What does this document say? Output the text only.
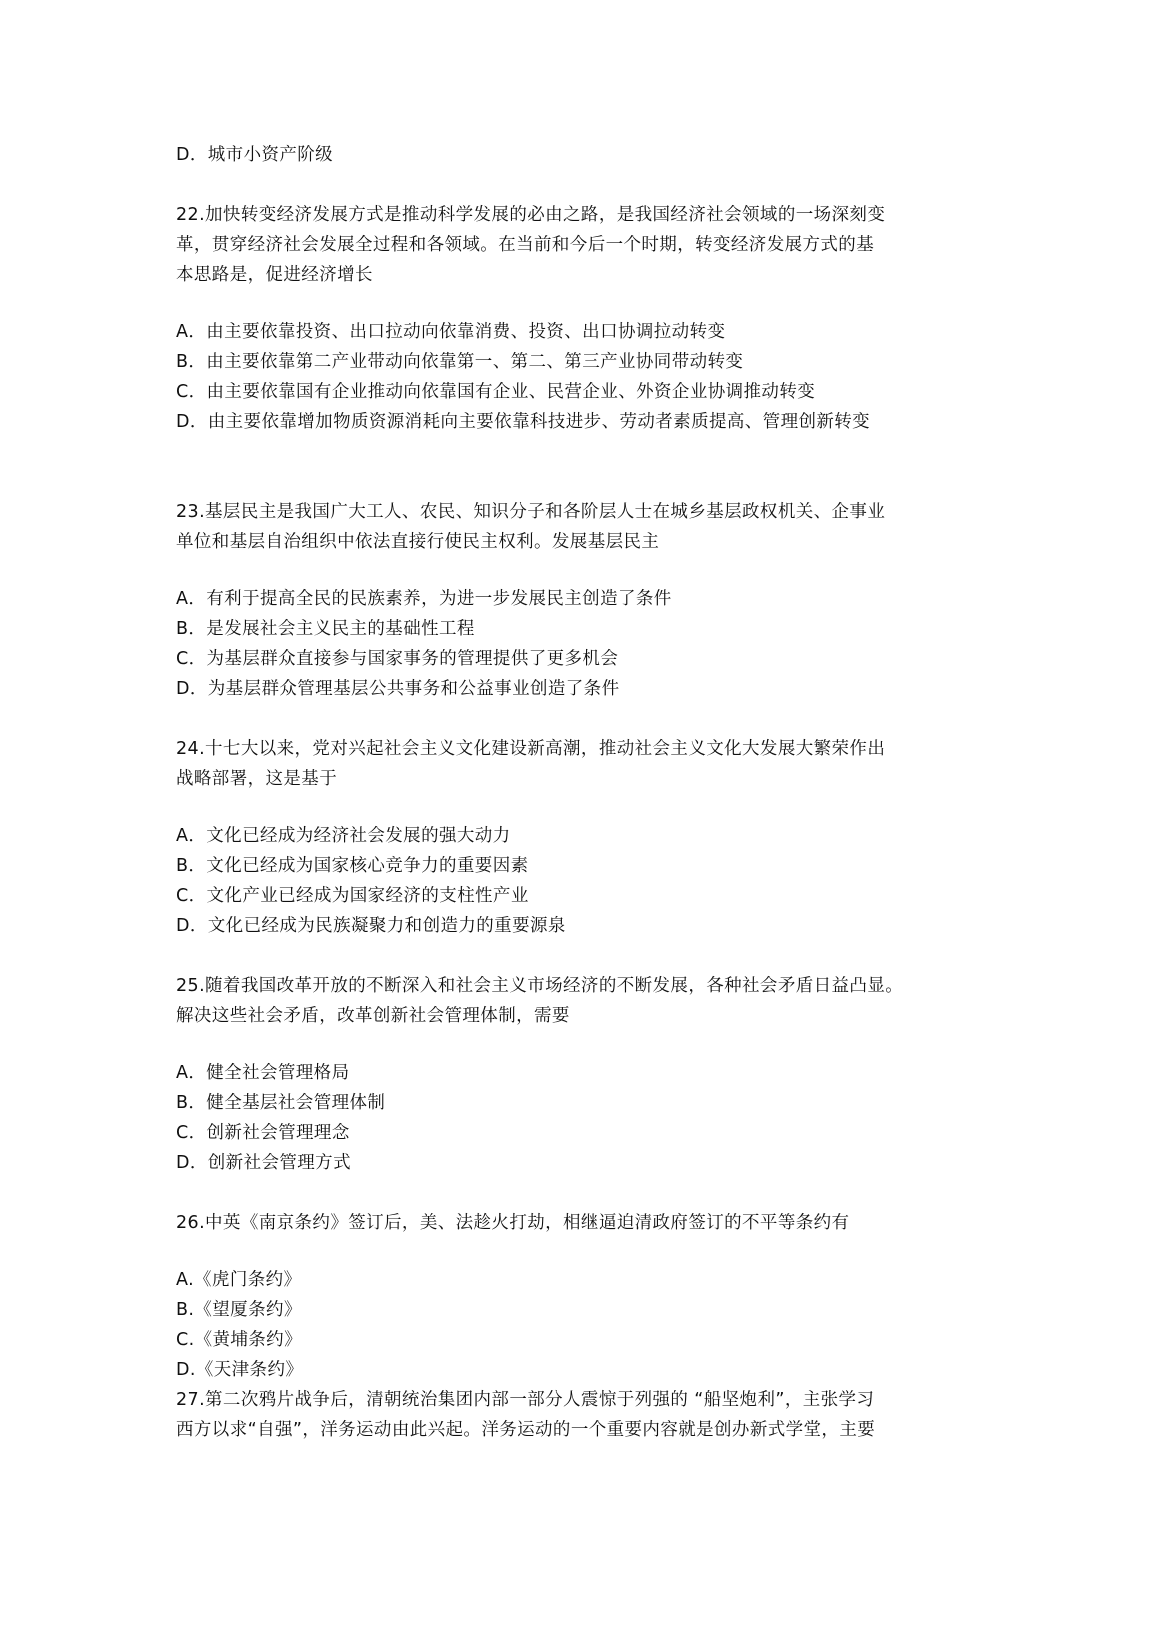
D．城市小资产阶级
22.加快转变经济发展方式是推动科学发展的必由之路，是我国经济社会领域的一场深刻变
革，贯穿经济社会发展全过程和各领域。在当前和今后一个时期，转变经济发展方式的基
本思路是，促进经济增长
A．由主要依靠投资、出口拉动向依靠消费、投资、出口协调拉动转变
B．由主要依靠第二产业带动向依靠第一、第二、第三产业协同带动转变
C．由主要依靠国有企业推动向依靠国有企业、民营企业、外资企业协调推动转变
D．由主要依靠增加物质资源消耗向主要依靠科技进步、劳动者素质提高、管理创新转变
23.基层民主是我国广大工人、农民、知识分子和各阶层人士在城乡基层政权机关、企事业
单位和基层自治组织中依法直接行使民主权利。发展基层民主
A．有利于提高全民的民族素养，为进一步发展民主创造了条件
B．是发展社会主义民主的基础性工程
C．为基层群众直接参与国家事务的管理提供了更多机会
D．为基层群众管理基层公共事务和公益事业创造了条件
24.十七大以来，党对兴起社会主义文化建设新高潮，推动社会主义文化大发展大繁荣作出
战略部署，这是基于
A．文化已经成为经济社会发展的强大动力
B．文化已经成为国家核心竞争力的重要因素
C．文化产业已经成为国家经济的支柱性产业
D．文化已经成为民族凝聚力和创造力的重要源泉
25.随着我国改革开放的不断深入和社会主义市场经济的不断发展，各种社会矛盾日益凸显。
解决这些社会矛盾，改革创新社会管理体制，需要
A．健全社会管理格局
B．健全基层社会管理体制
C．创新社会管理理念
D．创新社会管理方式
26.中英《南京条约》签订后，美、法趁火打劫，相继逼迫清政府签订的不平等条约有
A.《虎门条约》
B.《望厦条约》
C.《黄埔条约》
D.《天津条约》
27.第二次鸦片战争后，清朝统治集团内部一部分人震惊于列强的 “船坚炮利”，主张学习
西方以求“自强”，洋务运动由此兴起。洋务运动的一个重要内容就是创办新式学堂，主要
